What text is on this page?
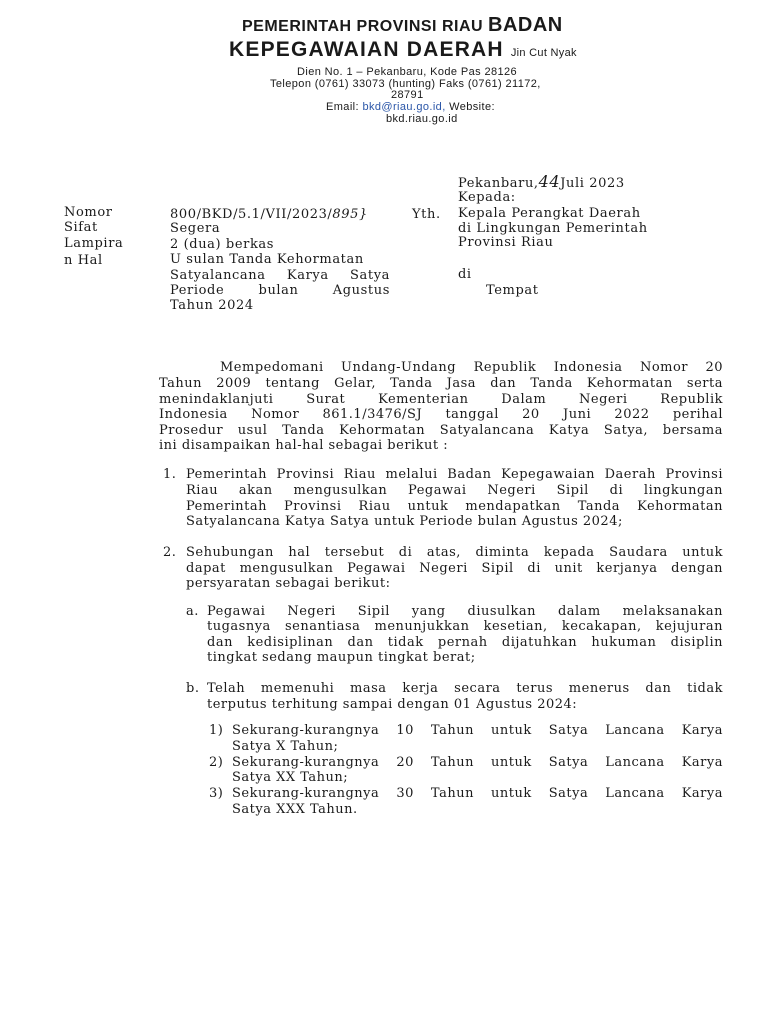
PEMERINTAH PROVINSI RIAU BADAN
KEPEGAWAIAN DAERAH Jin Cut Nyak
Dien No. 1 – Pekanbaru, Kode Pas 28126
Telepon (0761) 33073 (hunting) Faks (0761) 21172,
28791
Email: bkd@riau.go.id, Website:
bkd.riau.go.id
Pekanbaru,44Juli 2023
Kepada:
Yth. Kepala Perangkat Daerah
di Lingkungan Pemerintah
Provinsi Riau
di
Tempat
Nomor
Sifat
Lampira
n Hal
800/BKD/5.1/VII/2023/895}
Segera
2 (dua) berkas
U sulan Tanda Kehormatan
Satyalancana Karya Satya
Periode bulan Agustus
Tahun 2024
Mempedomani Undang-Undang Republik Indonesia Nomor 20
Tahun 2009 tentang Gelar, Tanda Jasa dan Tanda Kehormatan serta
menindaklanjuti Surat Kementerian Dalam Negeri Republik
Indonesia Nomor 861.1/3476/SJ tanggal 20 Juni 2022 perihal
Prosedur usul Tanda Kehormatan Satyalancana Katya Satya, bersama
ini disampaikan hal-hal sebagai berikut :
1. Pemerintah Provinsi Riau melalui Badan Kepegawaian Daerah Provinsi
Riau akan mengusulkan Pegawai Negeri Sipil di lingkungan
Pemerintah Provinsi Riau untuk mendapatkan Tanda Kehormatan
Satyalancana Katya Satya untuk Periode bulan Agustus 2024;
2. Sehubungan hal tersebut di atas, diminta kepada Saudara untuk
dapat mengusulkan Pegawai Negeri Sipil di unit kerjanya dengan
persyaratan sebagai berikut:
a. Pegawai Negeri Sipil yang diusulkan dalam melaksanakan
tugasnya senantiasa menunjukkan kesetian, kecakapan, kejujuran
dan kedisiplinan dan tidak pernah dijatuhkan hukuman disiplin
tingkat sedang maupun tingkat berat;
b. Telah memenuhi masa kerja secara terus menerus dan tidak
terputus terhitung sampai dengan 01 Agustus 2024:
1) Sekurang-kurangnya 10 Tahun untuk Satya Lancana Karya
Satya X Tahun;
2) Sekurang-kurangnya 20 Tahun untuk Satya Lancana Karya
Satya XX Tahun;
3) Sekurang-kurangnya 30 Tahun untuk Satya Lancana Karya
Satya XXX Tahun.
